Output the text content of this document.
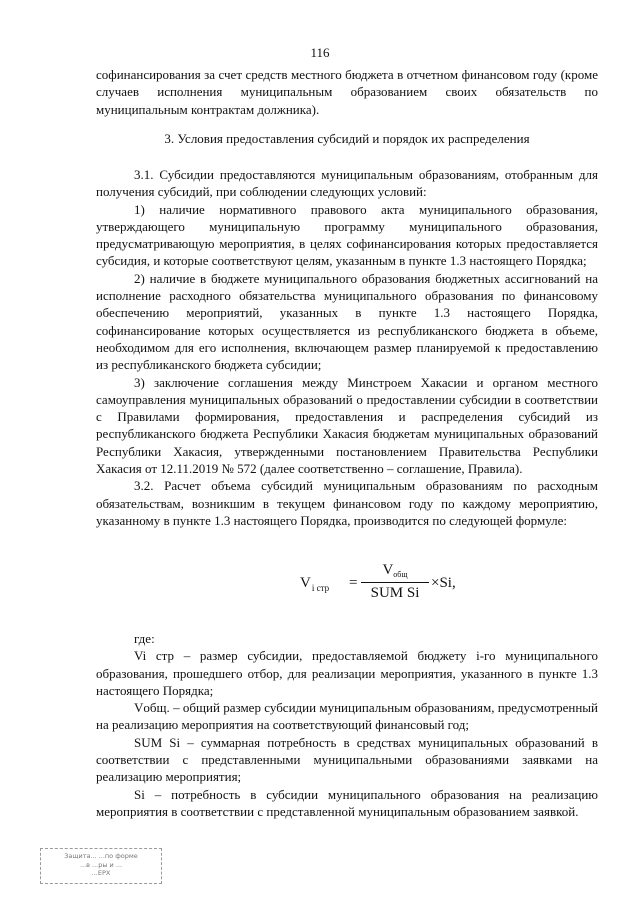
116

софинансирования за счет средств местного бюджета в отчетном финансовом году (кроме случаев исполнения муниципальным образованием своих обязательств по муниципальным контрактам должника).

3. Условия предоставления субсидий и порядок их распределения

3.1. Субсидии предоставляются муниципальным образованиям, отобранным для получения субсидий, при соблюдении следующих условий:

1) наличие нормативного правового акта муниципального образования, утверждающего муниципальную программу муниципального образования, предусматривающую мероприятия, в целях софинансирования которых предоставляется субсидия, и которые соответствуют целям, указанным в пункте 1.3 настоящего Порядка;

2) наличие в бюджете муниципального образования бюджетных ассигнований на исполнение расходного обязательства муниципального образования по финансовому обеспечению мероприятий, указанных в пункте 1.3 настоящего Порядка, софинансирование которых осуществляется из республиканского бюджета в объеме, необходимом для его исполнения, включающем размер планируемой к предоставлению из республиканского бюджета субсидии;

3) заключение соглашения между Минстроем Хакасии и органом местного самоуправления муниципальных образований о предоставлении субсидии в соответствии с Правилами формирования, предоставления и распределения субсидий из республиканского бюджета Республики Хакасия бюджетам муниципальных образований Республики Хакасия, утвержденными постановлением Правительства Республики Хакасия от 12.11.2019 № 572 (далее соответственно – соглашение, Правила).

3.2. Расчет объема субсидий муниципальным образованиям по расходным обязательствам, возникшим в текущем финансовом году по каждому мероприятию, указанному в пункте 1.3 настоящего Порядка, производится по следующей формуле:

$V_{i стр}$ =
$V_{общ}$
SUM Si
×Si,

где:

Vi стр – размер субсидии, предоставляемой бюджету i-го муниципального образования, прошедшего отбор, для реализации мероприятия, указанного в пункте 1.3 настоящего Порядка;

Vобщ. – общий размер субсидии муниципальным образованиям, предусмотренный на реализацию мероприятия на соответствующий финансовый год;

SUM Si – суммарная потребность в средствах муниципальных образований в соответствии с представленными муниципальными образованиями заявками на реализацию мероприятия;

Si – потребность в субсидии муниципального образования на реализацию мероприятия в соответствии с представленной муниципальным образованием заявкой.

Защита... ...по форме
...в ...ры и ...
...ЕРХ
